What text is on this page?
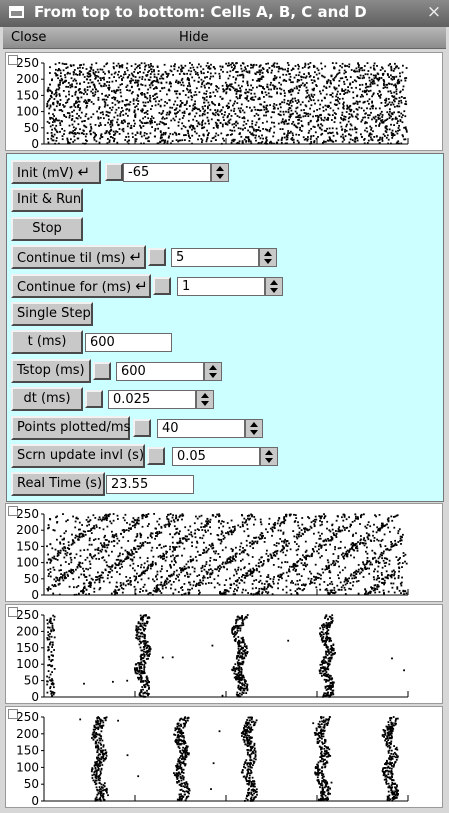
From top to bottom: Cells A, B, C and D	×
Close	Hide
250
200
150
100
50
0
Init (mV) ↵	-65
Init & Run
Stop
Continue til (ms) ↵	5
Continue for (ms) ↵	1
Single Step
t (ms)	600
Tstop (ms)	600
dt (ms)	0.025
Points plotted/ms	40
Scrn update invl (s)	0.05
Real Time (s) 23.55
250
200
150
100
50
0
250
200
150
100
50
0
250
200
150
100
50
0
